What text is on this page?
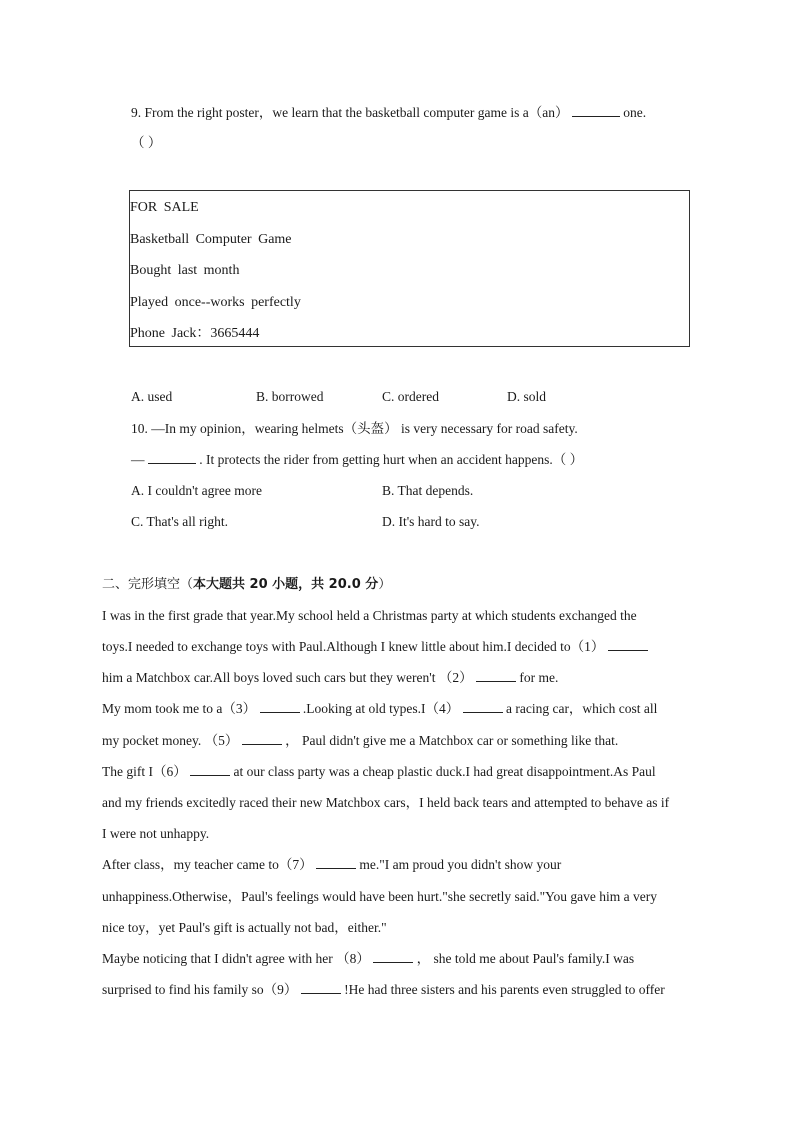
9. From the right poster，we learn that the basketball computer game is a（an）	one.
（ ）
FOR SALE
Basketball Computer Game
Bought last month
Played once--works perfectly
Phone Jack：3665444
A. used	B. borrowed	C. ordered	D. sold
10. —In my opinion，wearing helmets（头盔） is very necessary for road safety.
—	. It protects the rider from getting hurt when an accident happens.（ ）
A. I couldn't agree more	B. That depends.
C. That's all right.	D. It's hard to say.
二、完形填空（本大题共 20 小题，共 20.0 分）
I was in the first grade that year.My school held a Christmas party at which students exchanged the
toys.I needed to exchange toys with Paul.Although I knew little about him.I decided to（1）
him a Matchbox car.All boys loved such cars but they weren't （2）	for me.
My mom took me to a（3）	.Looking at old types.I（4）	a racing car，which cost all
my pocket money. （5）	， Paul didn't give me a Matchbox car or something like that.
The gift I（6）	at our class party was a cheap plastic duck.I had great disappointment.As Paul
and my friends excitedly raced their new Matchbox cars，I held back tears and attempted to behave as if
I were not unhappy.
After class，my teacher came to（7）	me."I am proud you didn't show your
unhappiness.Otherwise，Paul's feelings would have been hurt."she secretly said."You gave him a very
nice toy，yet Paul's gift is actually not bad，either."
Maybe noticing that I didn't agree with her （8）	， she told me about Paul's family.I was
surprised to find his family so（9）	!He had three sisters and his parents even struggled to offer
